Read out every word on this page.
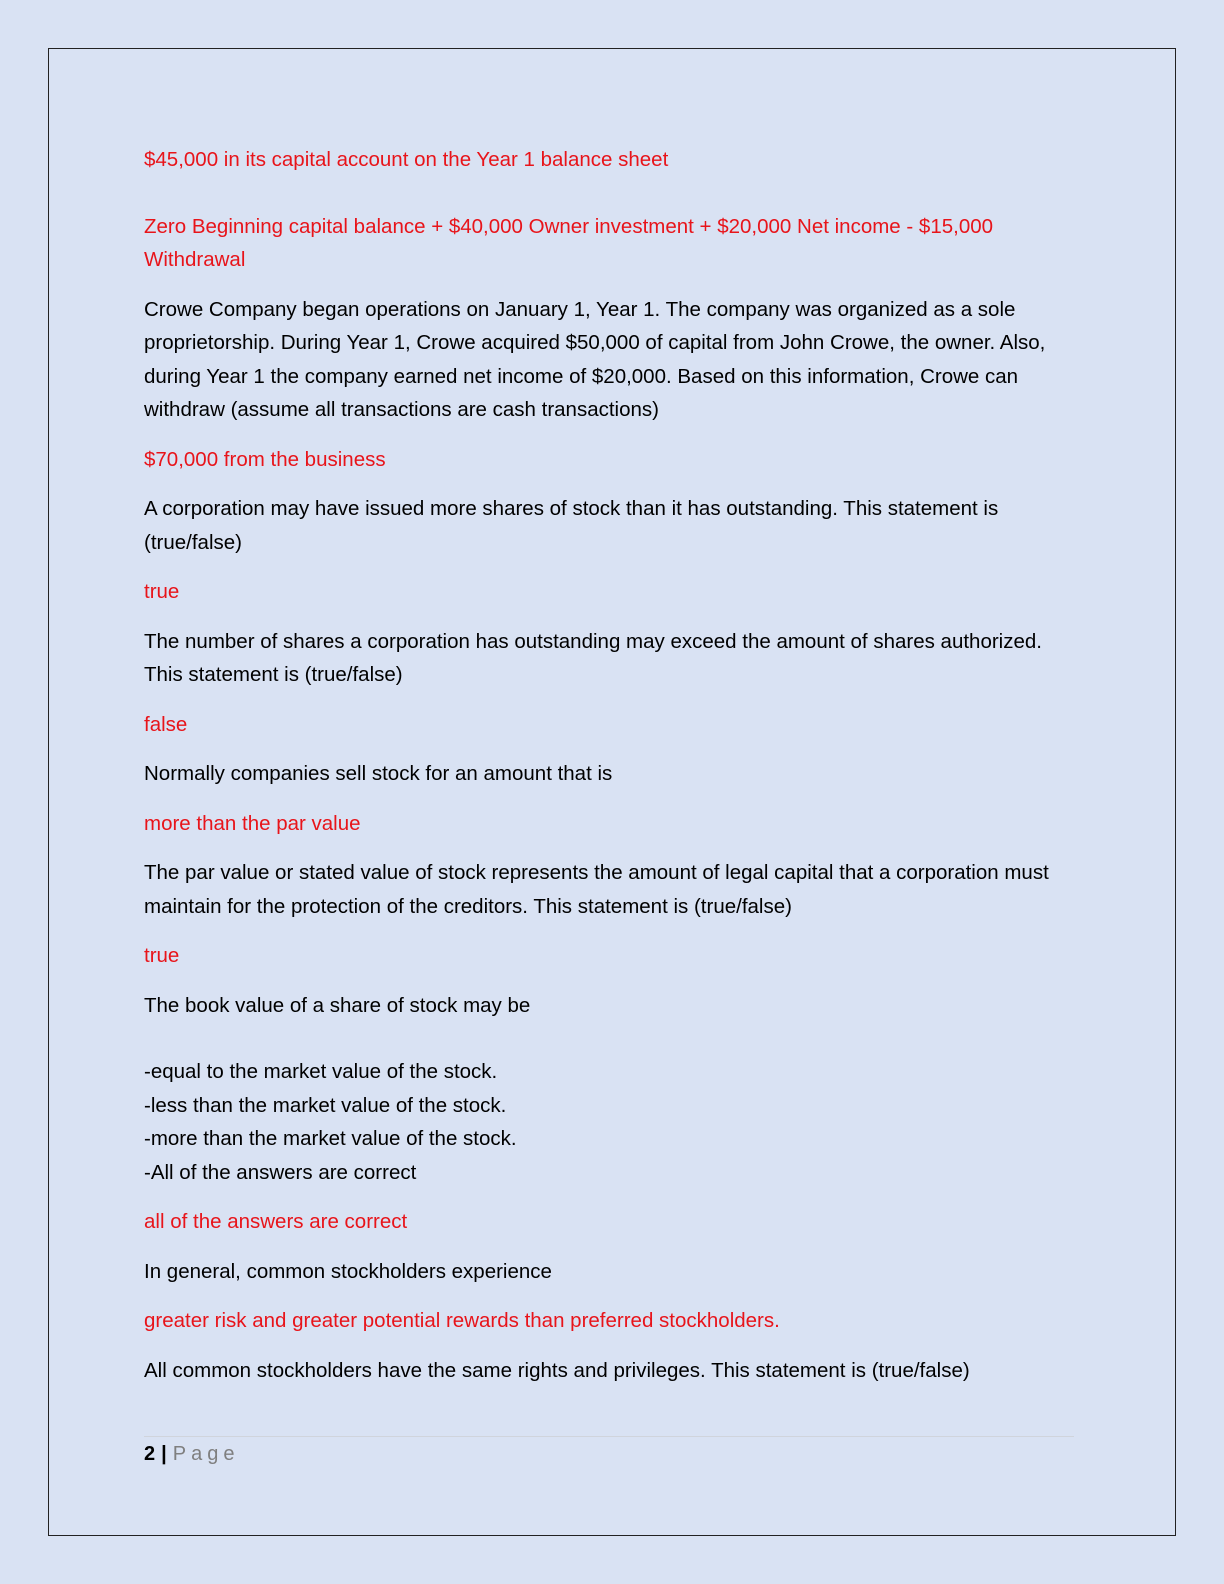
$45,000 in its capital account on the Year 1 balance sheet

Zero Beginning capital balance + $40,000 Owner investment + $20,000 Net income - $15,000 Withdrawal

Crowe Company began operations on January 1, Year 1. The company was organized as a sole proprietorship. During Year 1, Crowe acquired $50,000 of capital from John Crowe, the owner. Also, during Year 1 the company earned net income of $20,000. Based on this information, Crowe can withdraw (assume all transactions are cash transactions)

$70,000 from the business

A corporation may have issued more shares of stock than it has outstanding. This statement is (true/false)

true

The number of shares a corporation has outstanding may exceed the amount of shares authorized. This statement is (true/false)

false

Normally companies sell stock for an amount that is

more than the par value

The par value or stated value of stock represents the amount of legal capital that a corporation must maintain for the protection of the creditors. This statement is (true/false)

true

The book value of a share of stock may be

-equal to the market value of the stock.
-less than the market value of the stock.
-more than the market value of the stock.
-All of the answers are correct

all of the answers are correct

In general, common stockholders experience

greater risk and greater potential rewards than preferred stockholders.

All common stockholders have the same rights and privileges. This statement is (true/false)

2 | Page
